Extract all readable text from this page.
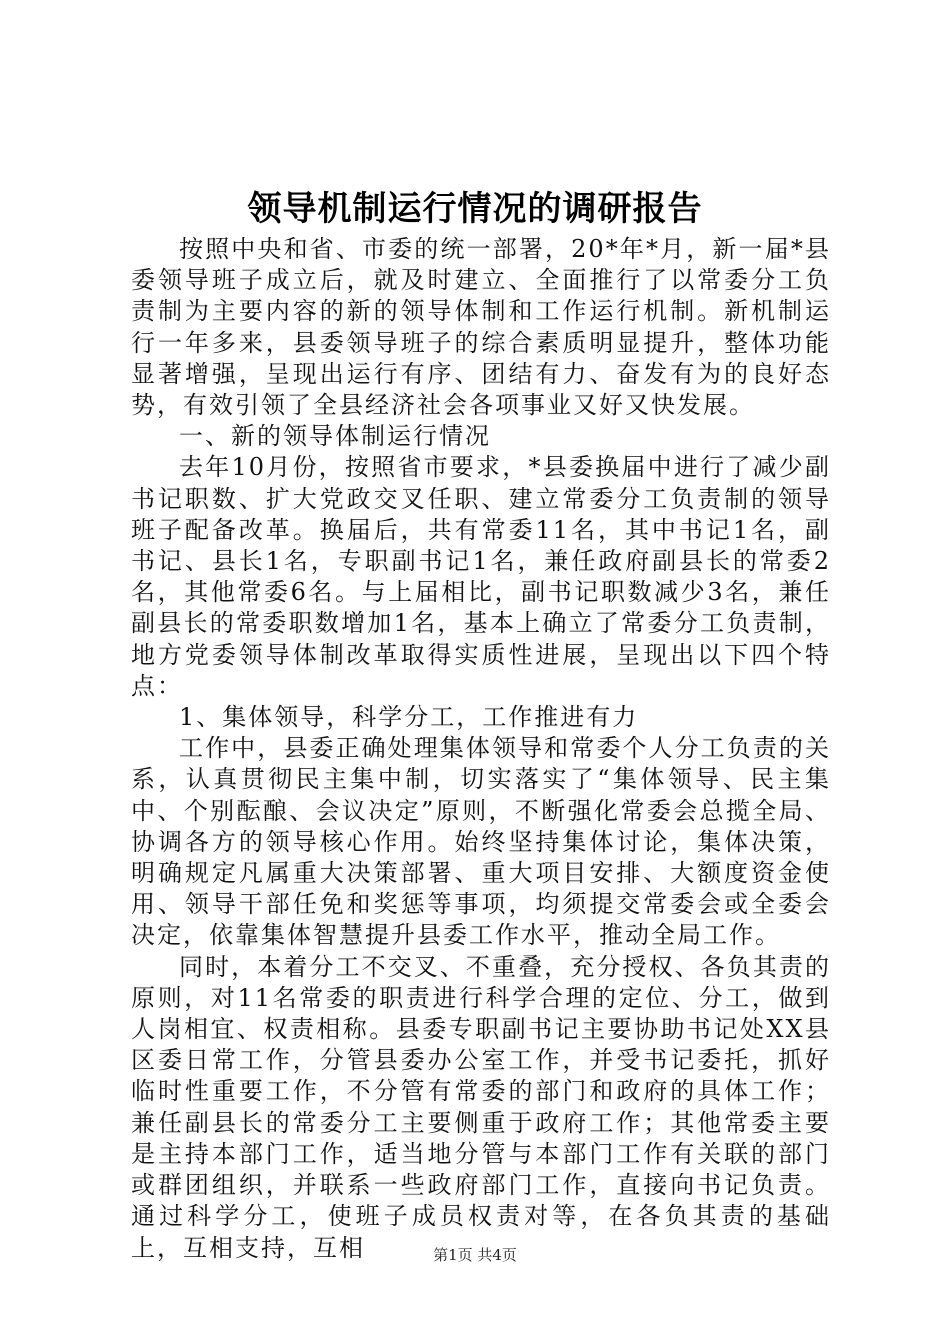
领导机制运行情况的调研报告

按照中央和省、市委的统一部署，20*年*月，新一届*县委领导班子成立后，就及时建立、全面推行了以常委分工负责制为主要内容的新的领导体制和工作运行机制。新机制运行一年多来，县委领导班子的综合素质明显提升，整体功能显著增强，呈现出运行有序、团结有力、奋发有为的良好态势，有效引领了全县经济社会各项事业又好又快发展。

一、新的领导体制运行情况

去年10月份，按照省市要求，*县委换届中进行了减少副书记职数、扩大党政交叉任职、建立常委分工负责制的领导班子配备改革。换届后，共有常委11名，其中书记1名，副书记、县长1名，专职副书记1名，兼任政府副县长的常委2名，其他常委6名。与上届相比，副书记职数减少3名，兼任副县长的常委职数增加1名，基本上确立了常委分工负责制，地方党委领导体制改革取得实质性进展，呈现出以下四个特点：

1、集体领导，科学分工，工作推进有力

工作中，县委正确处理集体领导和常委个人分工负责的关系，认真贯彻民主集中制，切实落实了“集体领导、民主集中、个别酝酿、会议决定”原则，不断强化常委会总揽全局、协调各方的领导核心作用。始终坚持集体讨论，集体决策，明确规定凡属重大决策部署、重大项目安排、大额度资金使用、领导干部任免和奖惩等事项，均须提交常委会或全委会决定，依靠集体智慧提升县委工作水平，推动全局工作。

同时，本着分工不交叉、不重叠，充分授权、各负其责的原则，对11名常委的职责进行科学合理的定位、分工，做到人岗相宜、权责相称。县委专职副书记主要协助书记处XX县区委日常工作，分管县委办公室工作，并受书记委托，抓好临时性重要工作，不分管有常委的部门和政府的具体工作；兼任副县长的常委分工主要侧重于政府工作；其他常委主要是主持本部门工作，适当地分管与本部门工作有关联的部门或群团组织，并联系一些政府部门工作，直接向书记负责。通过科学分工，使班子成员权责对等，在各负其责的基础上，互相支持，互相	第1页 共4页
